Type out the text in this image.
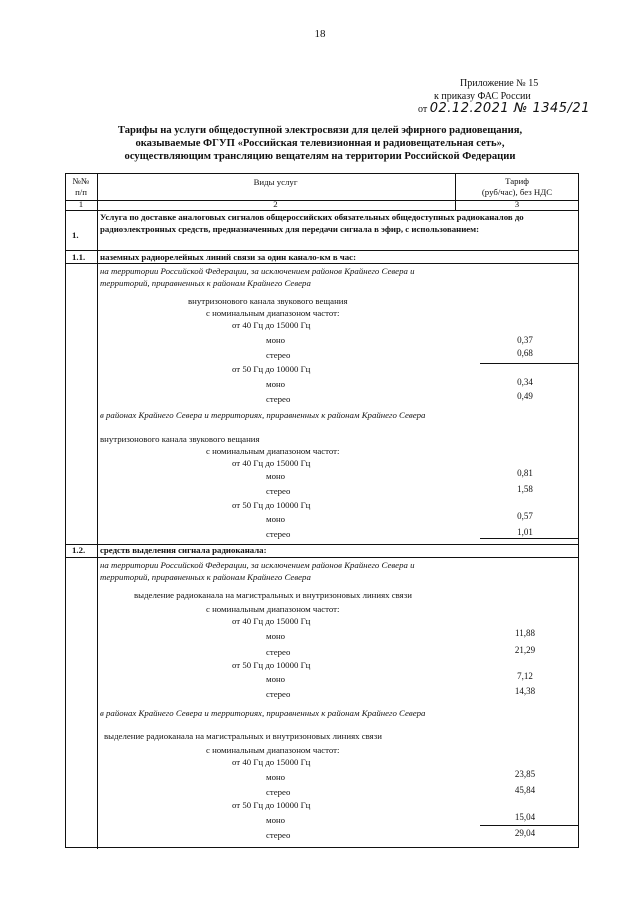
18
Приложение № 15
к приказу ФАС России
от 02.12.2021 № 1345/21
Тарифы на услуги общедоступной электросвязи для целей эфирного радиовещания,
оказываемые ФГУП «Российская телевизионная и радиовещательная сеть»,
осуществляющим трансляцию вещателям на территории Российской Федерации
№№
п/п
Виды услуг	Тариф
(руб/час), без НДС
1	2	3
1.
Услуга по доставке аналоговых сигналов общероссийских обязательных общедоступных радиоканалов до
радиоэлектронных средств, предназначенных для передачи сигнала в эфир, с использованием:
1.1. наземных радиорелейных линий связи за один канало-км в час:
на территории Российской Федерации, за исключением районов Крайнего Севера и
территорий, приравненных к районам Крайнего Севера
внутризонового канала звукового вещания
с номинальным диапазоном частот:
от 40 Гц до 15000 Гц
моно	0,37
стерео	0,68
от 50 Гц до 10000 Гц
моно	0,34
стерео	0,49
в районах Крайнего Севера и территориях, приравненных к районам Крайнего Севера
внутризонового канала звукового вещания
с номинальным диапазоном частот:
от 40 Гц до 15000 Гц
моно	0,81
стерео	1,58
от 50 Гц до 10000 Гц
моно	0,57
стерео	1,01
1.2. средств выделения сигнала радиоканала:
на территории Российской Федерации, за исключением районов Крайнего Севера и
территорий, приравненных к районам Крайнего Севера
выделение радиоканала на магистральных и внутризоновых линиях связи
с номинальным диапазоном частот:
от 40 Гц до 15000 Гц
моно	11,88
стерео	21,29
от 50 Гц до 10000 Гц
моно	7,12
стерео	14,38
в районах Крайнего Севера и территориях, приравненных к районам Крайнего Севера
выделение радиоканала на магистральных и внутризоновых линиях связи
с номинальным диапазоном частот:
от 40 Гц до 15000 Гц
моно	23,85
стерео	45,84
от 50 Гц до 10000 Гц
моно	15,04
стерео	29,04
